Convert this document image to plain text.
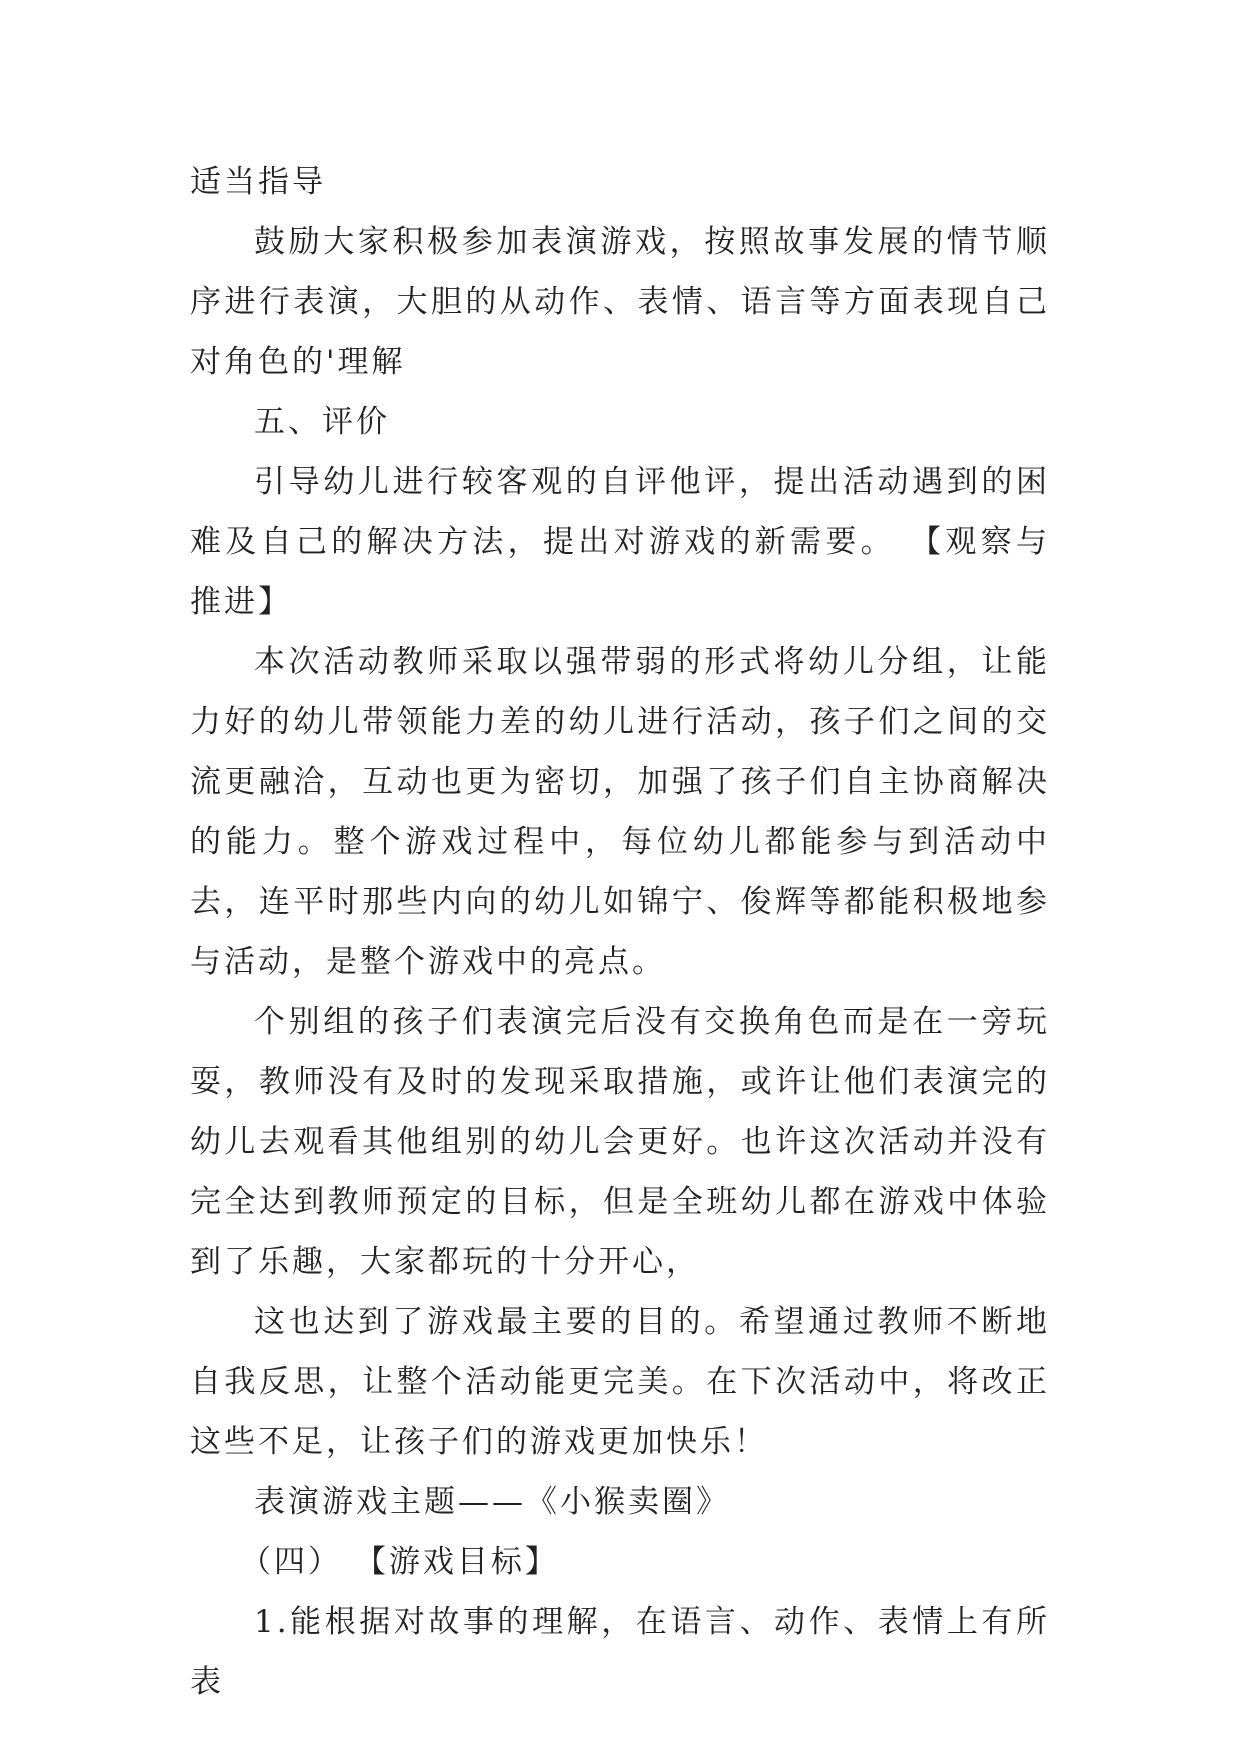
适当指导

鼓励大家积极参加表演游戏，按照故事发展的情节顺序进行表演，大胆的从动作、表情、语言等方面表现自己对角色的'理解

五、评价

引导幼儿进行较客观的自评他评，提出活动遇到的困难及自己的解决方法，提出对游戏的新需要。 【观察与推进】

本次活动教师采取以强带弱的形式将幼儿分组，让能力好的幼儿带领能力差的幼儿进行活动，孩子们之间的交流更融洽，互动也更为密切，加强了孩子们自主协商解决的能力。整个游戏过程中，每位幼儿都能参与到活动中去，连平时那些内向的幼儿如锦宁、俊辉等都能积极地参与活动，是整个游戏中的亮点。

个别组的孩子们表演完后没有交换角色而是在一旁玩耍，教师没有及时的发现采取措施，或许让他们表演完的幼儿去观看其他组别的幼儿会更好。也许这次活动并没有完全达到教师预定的目标，但是全班幼儿都在游戏中体验到了乐趣，大家都玩的十分开心，

这也达到了游戏最主要的目的。希望通过教师不断地自我反思，让整个活动能更完美。在下次活动中，将改正这些不足，让孩子们的游戏更加快乐！

表演游戏主题——《小猴卖圈》

（四） 【游戏目标】

1.能根据对故事的理解，在语言、动作、表情上有所表
